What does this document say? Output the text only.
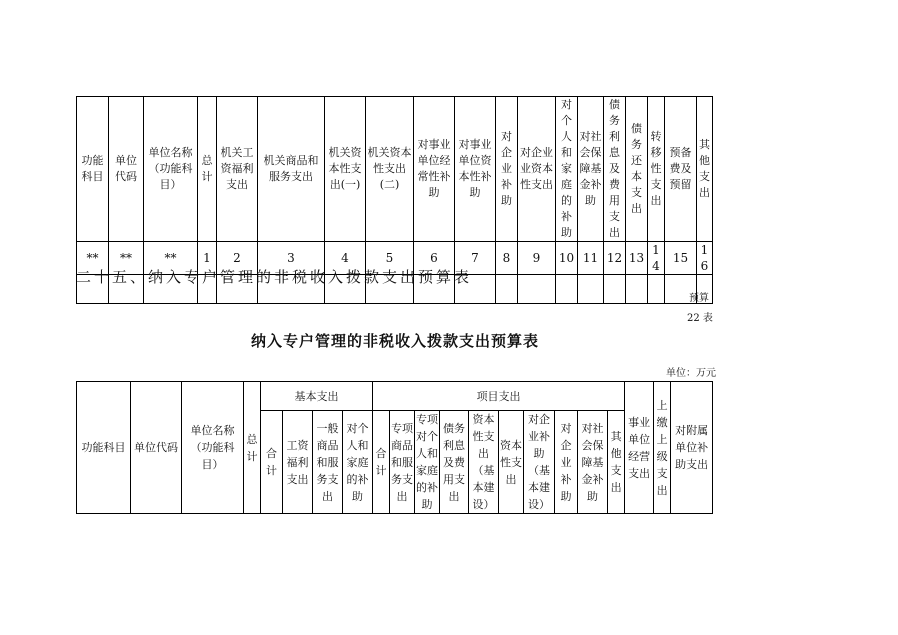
功能科目	单位代码	单位名称（功能科目）	总计	机关工资福利支出	机关商品和服务支出	机关资本性支出(一)	机关资本性支出(二)	对事业单位经常性补助	对事业单位资本性补助	对企业补助	对企业业资本性支出	对个人和家庭的补助	对社会保障基金补助	债务利息及费用支出	债务还本支出	转移性支出	预备费及预留	其他支出
**	**	**	1	2	3	4	5	6	7	8	9	10	11	12	13	14	15	16

二十五、纳入专户管理的非税收入拨款支出预算表
预算
22 表
纳入专户管理的非税收入拨款支出预算表
单位：万元
功能科目	单位代码	单位名称（功能科目）	总计	基本支出				项目支出										事业单位经营支出	上缴上级支出	对附属单位补助支出
				合计	工资福利支出	一般商品和服务支出	对个人和家庭的补助	合计	专项商品和服务支出	专项对个人和家庭的补助	债务利息及费用支出	资本性支出（基本建设）	资本性支出	对企业补助（基本建设）	对企业补助	对社会保障基金补助	其他支出			
